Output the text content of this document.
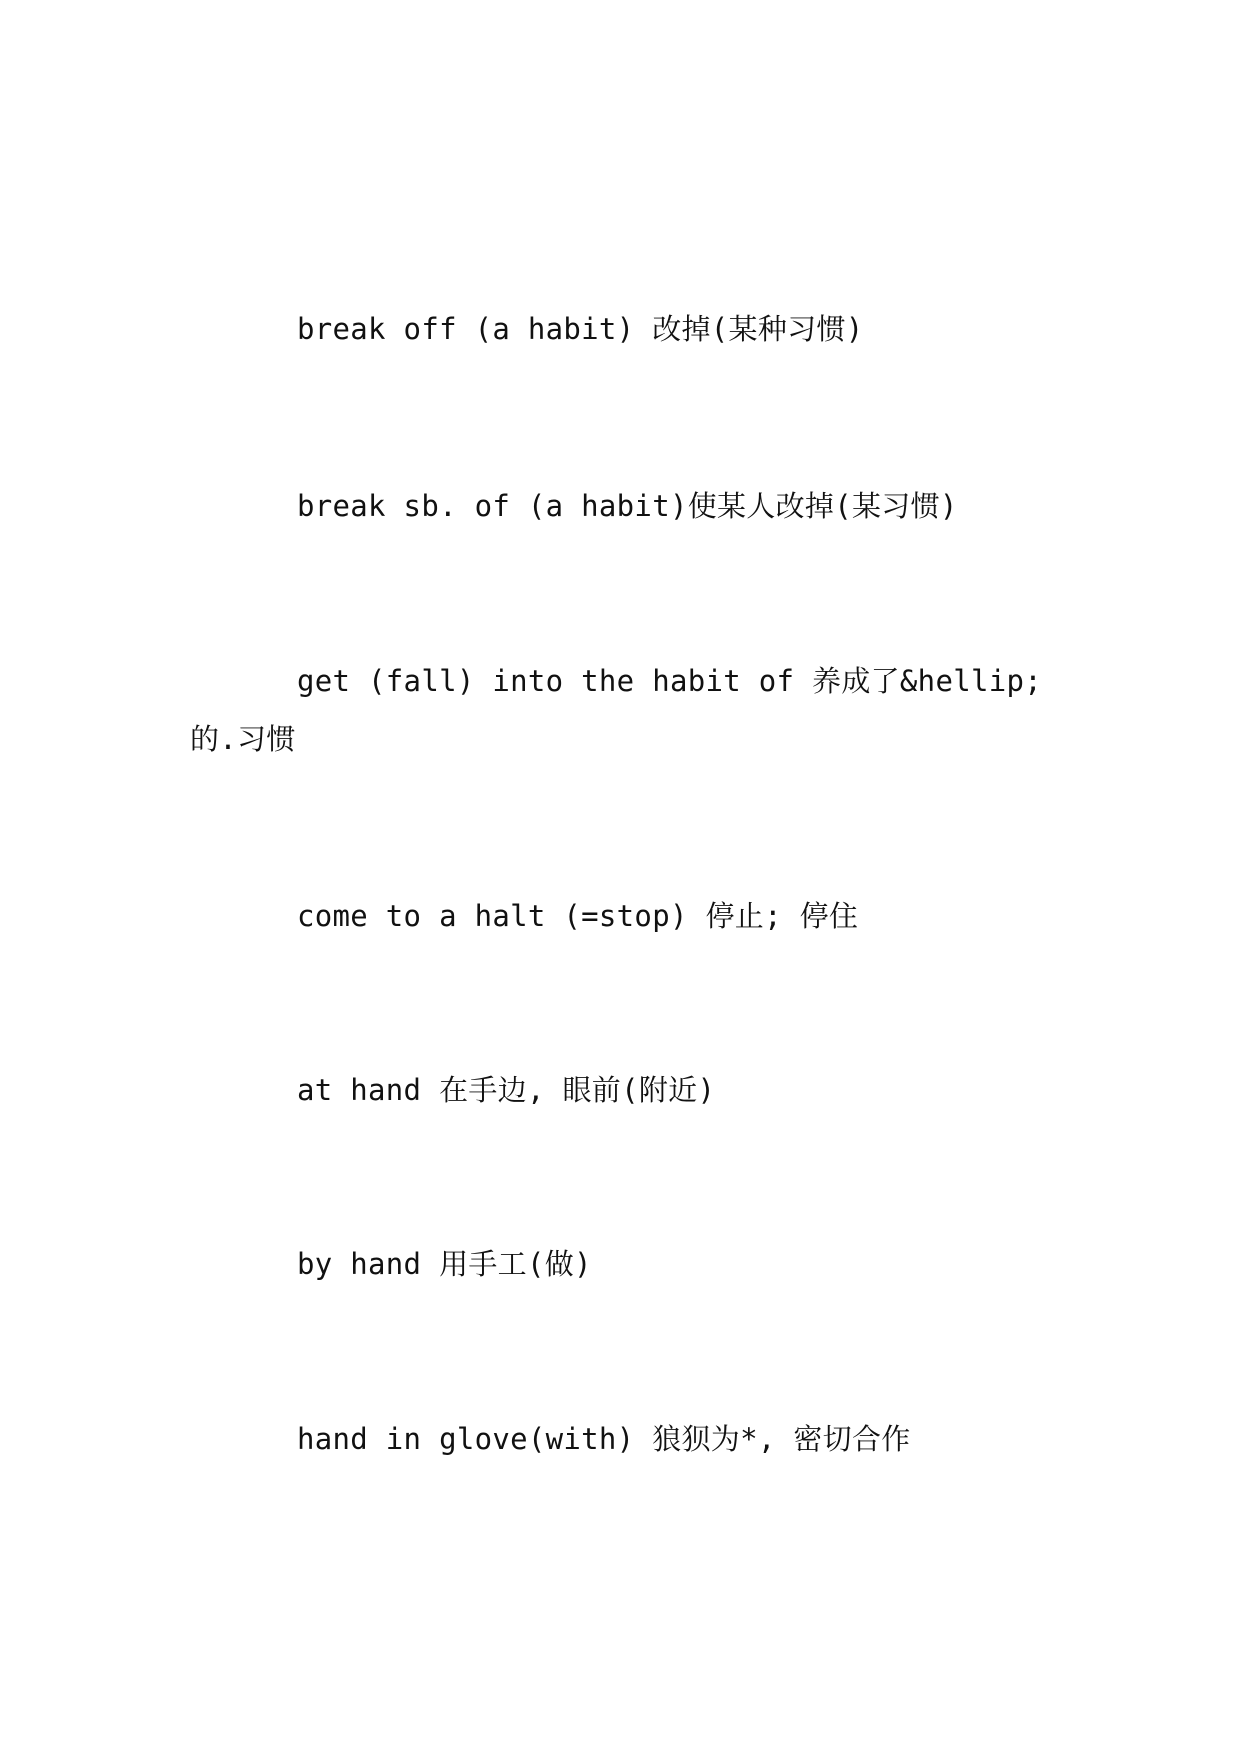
break off (a habit) 改掉(某种习惯)

break sb. of (a habit)使某人改掉(某习惯)

get (fall) into the habit of 养成了&hellip;的.习惯

come to a halt (=stop) 停止; 停住

at hand 在手边, 眼前(附近)

by hand 用手工(做)

hand in glove(with) 狼狈为*, 密切合作
